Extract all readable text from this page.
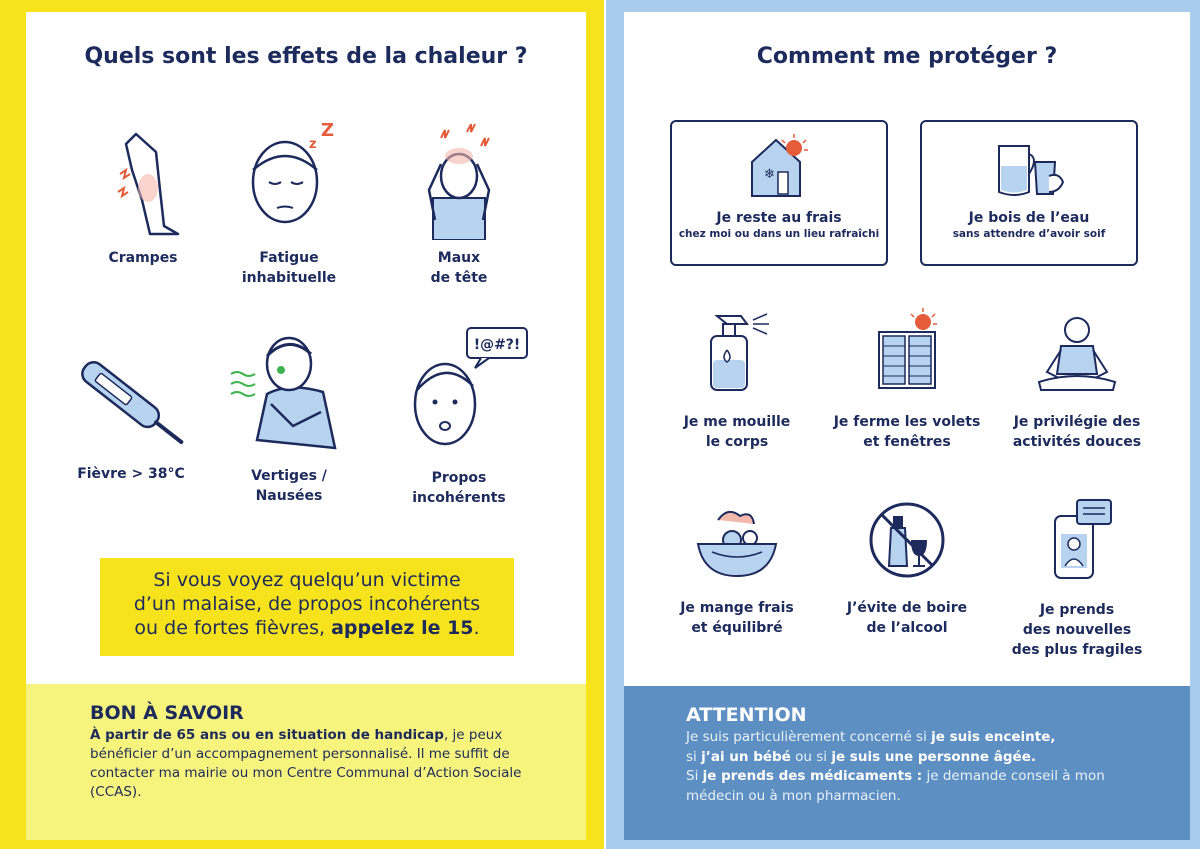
Quels sont les effets de la chaleur ?
Crampes
Z
z
Fatigue
inhabituelle
Maux
de tête
Fièvre > 38°C	Vertiges /
Nausées
!@#?!
Propos
incohérents
Si vous voyez quelqu’un victime
d’un malaise, de propos incohérents
ou de fortes fièvres, appelez le 15.
BON À SAVOIR
À partir de 65 ans ou en situation de handicap, je peux bénéficier d’un accompagnement personnalisé. Il me suffit de contacter ma mairie ou mon Centre Communal d’Action Sociale (CCAS).
Comment me protéger ?
❄
Je reste au frais
chez moi ou dans un lieu rafraîchi
Je bois de l’eau
sans attendre d’avoir soif
Je me mouille
le corps
Je ferme les volets
et fenêtres
Je privilégie des
activités douces
Je mange frais
et équilibré
J’évite de boire
de l’alcool
Je prends
des nouvelles
des plus fragiles
ATTENTION
Je suis particulièrement concerné si je suis enceinte,
si j’ai un bébé ou si je suis une personne âgée.
Si je prends des médicaments : je demande conseil à mon médecin ou à mon pharmacien.
